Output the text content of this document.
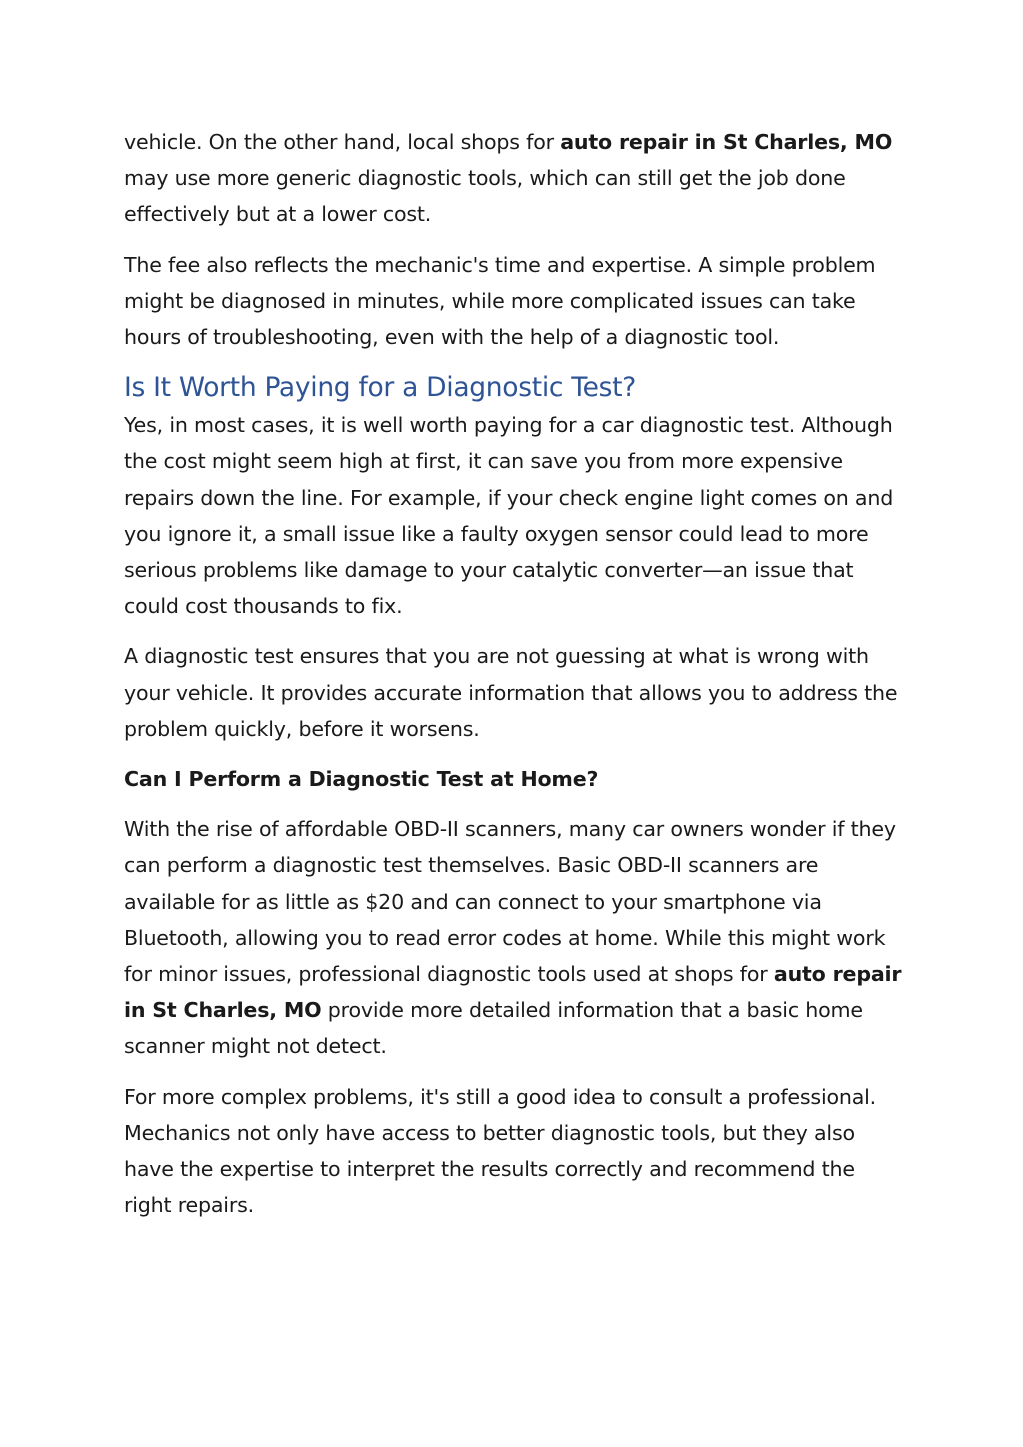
vehicle. On the other hand, local shops for auto repair in St Charles, MO may use more generic diagnostic tools, which can still get the job done effectively but at a lower cost.

The fee also reflects the mechanic's time and expertise. A simple problem might be diagnosed in minutes, while more complicated issues can take hours of troubleshooting, even with the help of a diagnostic tool.

Is It Worth Paying for a Diagnostic Test?

Yes, in most cases, it is well worth paying for a car diagnostic test. Although the cost might seem high at first, it can save you from more expensive repairs down the line. For example, if your check engine light comes on and you ignore it, a small issue like a faulty oxygen sensor could lead to more serious problems like damage to your catalytic converter—an issue that could cost thousands to fix.

A diagnostic test ensures that you are not guessing at what is wrong with your vehicle. It provides accurate information that allows you to address the problem quickly, before it worsens.

Can I Perform a Diagnostic Test at Home?

With the rise of affordable OBD-II scanners, many car owners wonder if they can perform a diagnostic test themselves. Basic OBD-II scanners are available for as little as $20 and can connect to your smartphone via Bluetooth, allowing you to read error codes at home. While this might work for minor issues, professional diagnostic tools used at shops for auto repair in St Charles, MO provide more detailed information that a basic home scanner might not detect.

For more complex problems, it's still a good idea to consult a professional. Mechanics not only have access to better diagnostic tools, but they also have the expertise to interpret the results correctly and recommend the right repairs.
